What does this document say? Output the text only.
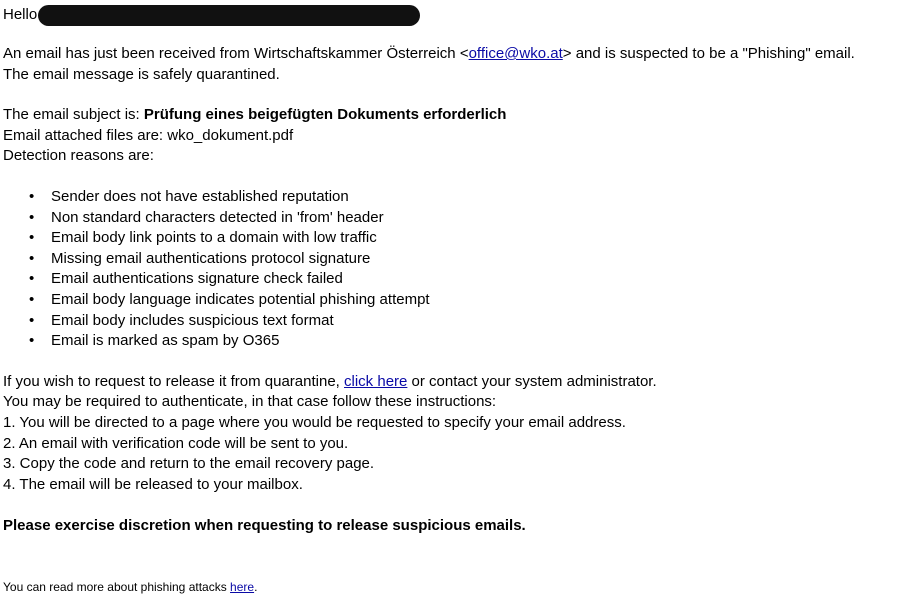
Hello

An email has just been received from Wirtschaftskammer Österreich <office@wko.at> and is suspected to be a "Phishing" email.

The email message is safely quarantined.

The email subject is: Prüfung eines beigefügten Dokuments erforderlich

Email attached files are: wko_dokument.pdf

Detection reasons are:

• Sender does not have established reputation
• Non standard characters detected in 'from' header
• Email body link points to a domain with low traffic
• Missing email authentications protocol signature
• Email authentications signature check failed
• Email body language indicates potential phishing attempt
• Email body includes suspicious text format
• Email is marked as spam by O365

If you wish to request to release it from quarantine, click here or contact your system administrator.

You may be required to authenticate, in that case follow these instructions:

1. You will be directed to a page where you would be requested to specify your email address.

2. An email with verification code will be sent to you.

3. Copy the code and return to the email recovery page.

4. The email will be released to your mailbox.

Please exercise discretion when requesting to release suspicious emails.

You can read more about phishing attacks here.
